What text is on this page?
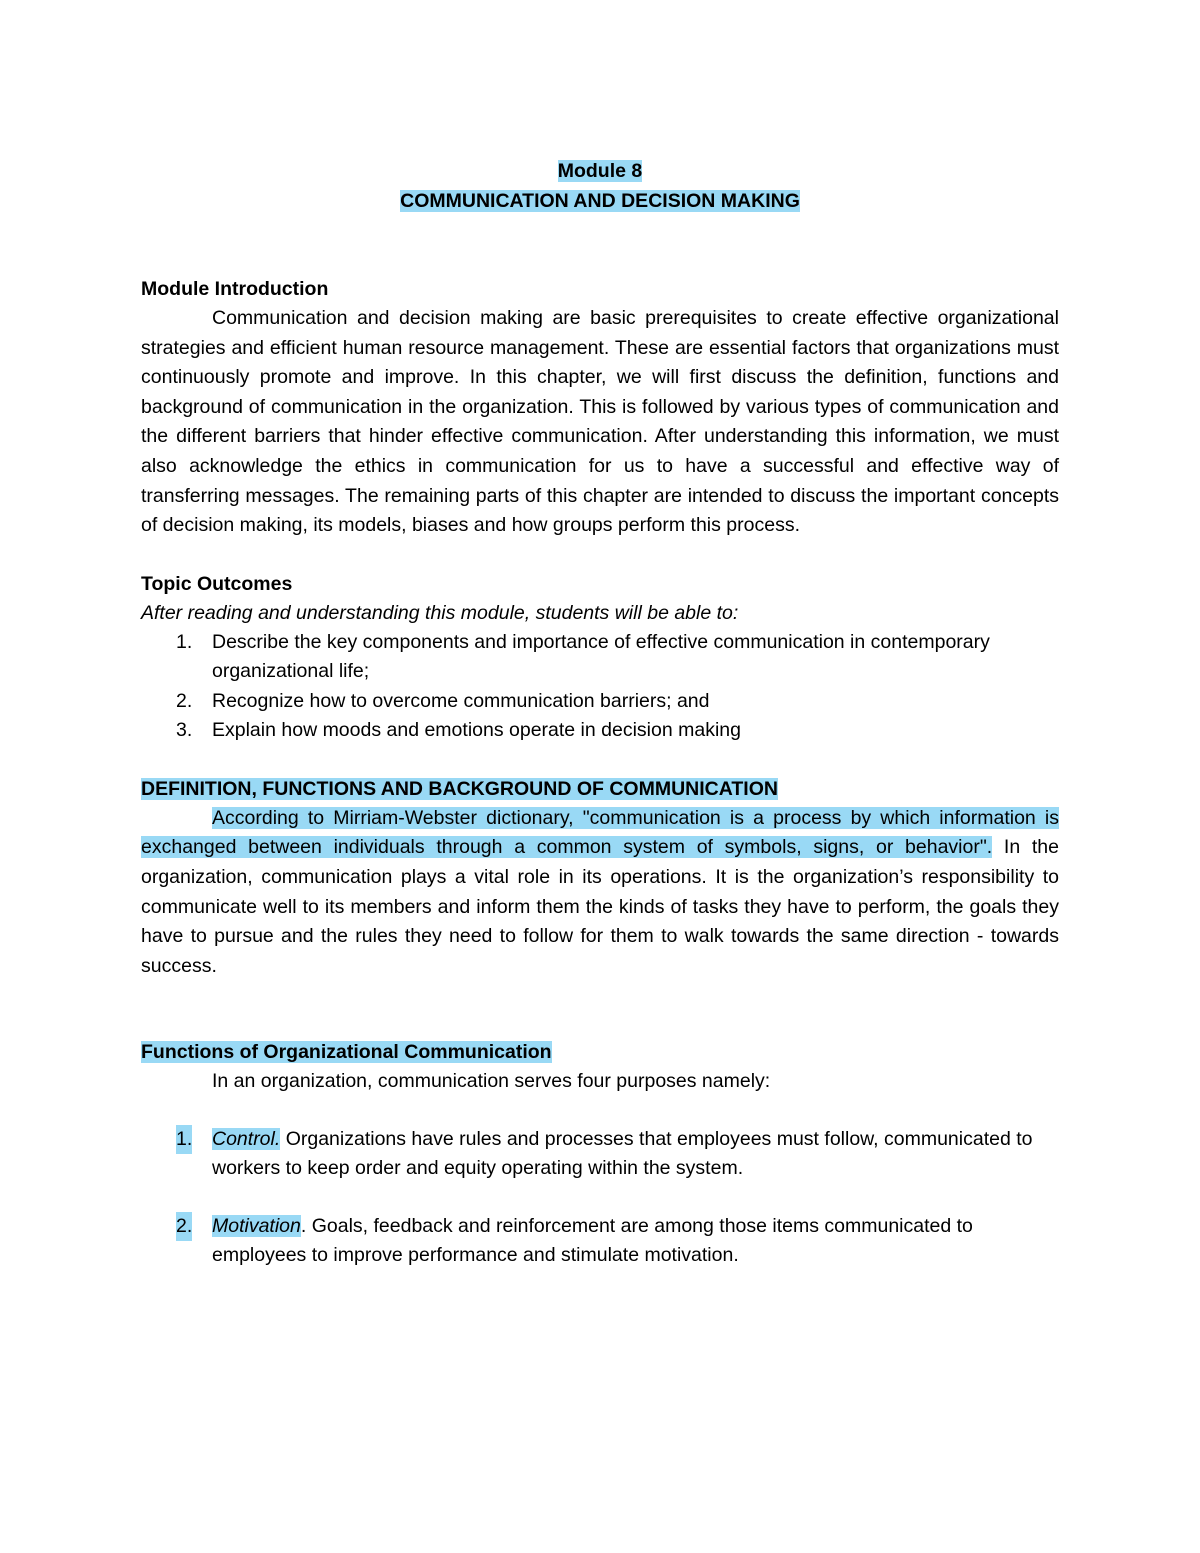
Module 8
COMMUNICATION AND DECISION MAKING
Module Introduction

Communication and decision making are basic prerequisites to create effective organizational strategies and efficient human resource management. These are essential factors that organizations must continuously promote and improve. In this chapter, we will first discuss the definition, functions and background of communication in the organization. This is followed by various types of communication and the different barriers that hinder effective communication. After understanding this information, we must also acknowledge the ethics in communication for us to have a successful and effective way of transferring messages. The remaining parts of this chapter are intended to discuss the important concepts of decision making, its models, biases and how groups perform this process.

Topic Outcomes
After reading and understanding this module, students will be able to:
1. Describe the key components and importance of effective communication in contemporary organizational life;
2. Recognize how to overcome communication barriers; and
3. Explain how moods and emotions operate in decision making
DEFINITION, FUNCTIONS AND BACKGROUND OF COMMUNICATION

According to Mirriam-Webster dictionary, "communication is a process by which information is exchanged between individuals through a common system of symbols, signs, or behavior". In the organization, communication plays a vital role in its operations. It is the organization’s responsibility to communicate well to its members and inform them the kinds of tasks they have to perform, the goals they have to pursue and the rules they need to follow for them to walk towards the same direction - towards success.

Functions of Organizational Communication

In an organization, communication serves four purposes namely:

1. Control. Organizations have rules and processes that employees must follow, communicated to workers to keep order and equity operating within the system.
2. Motivation. Goals, feedback and reinforcement are among those items communicated to employees to improve performance and stimulate motivation.
